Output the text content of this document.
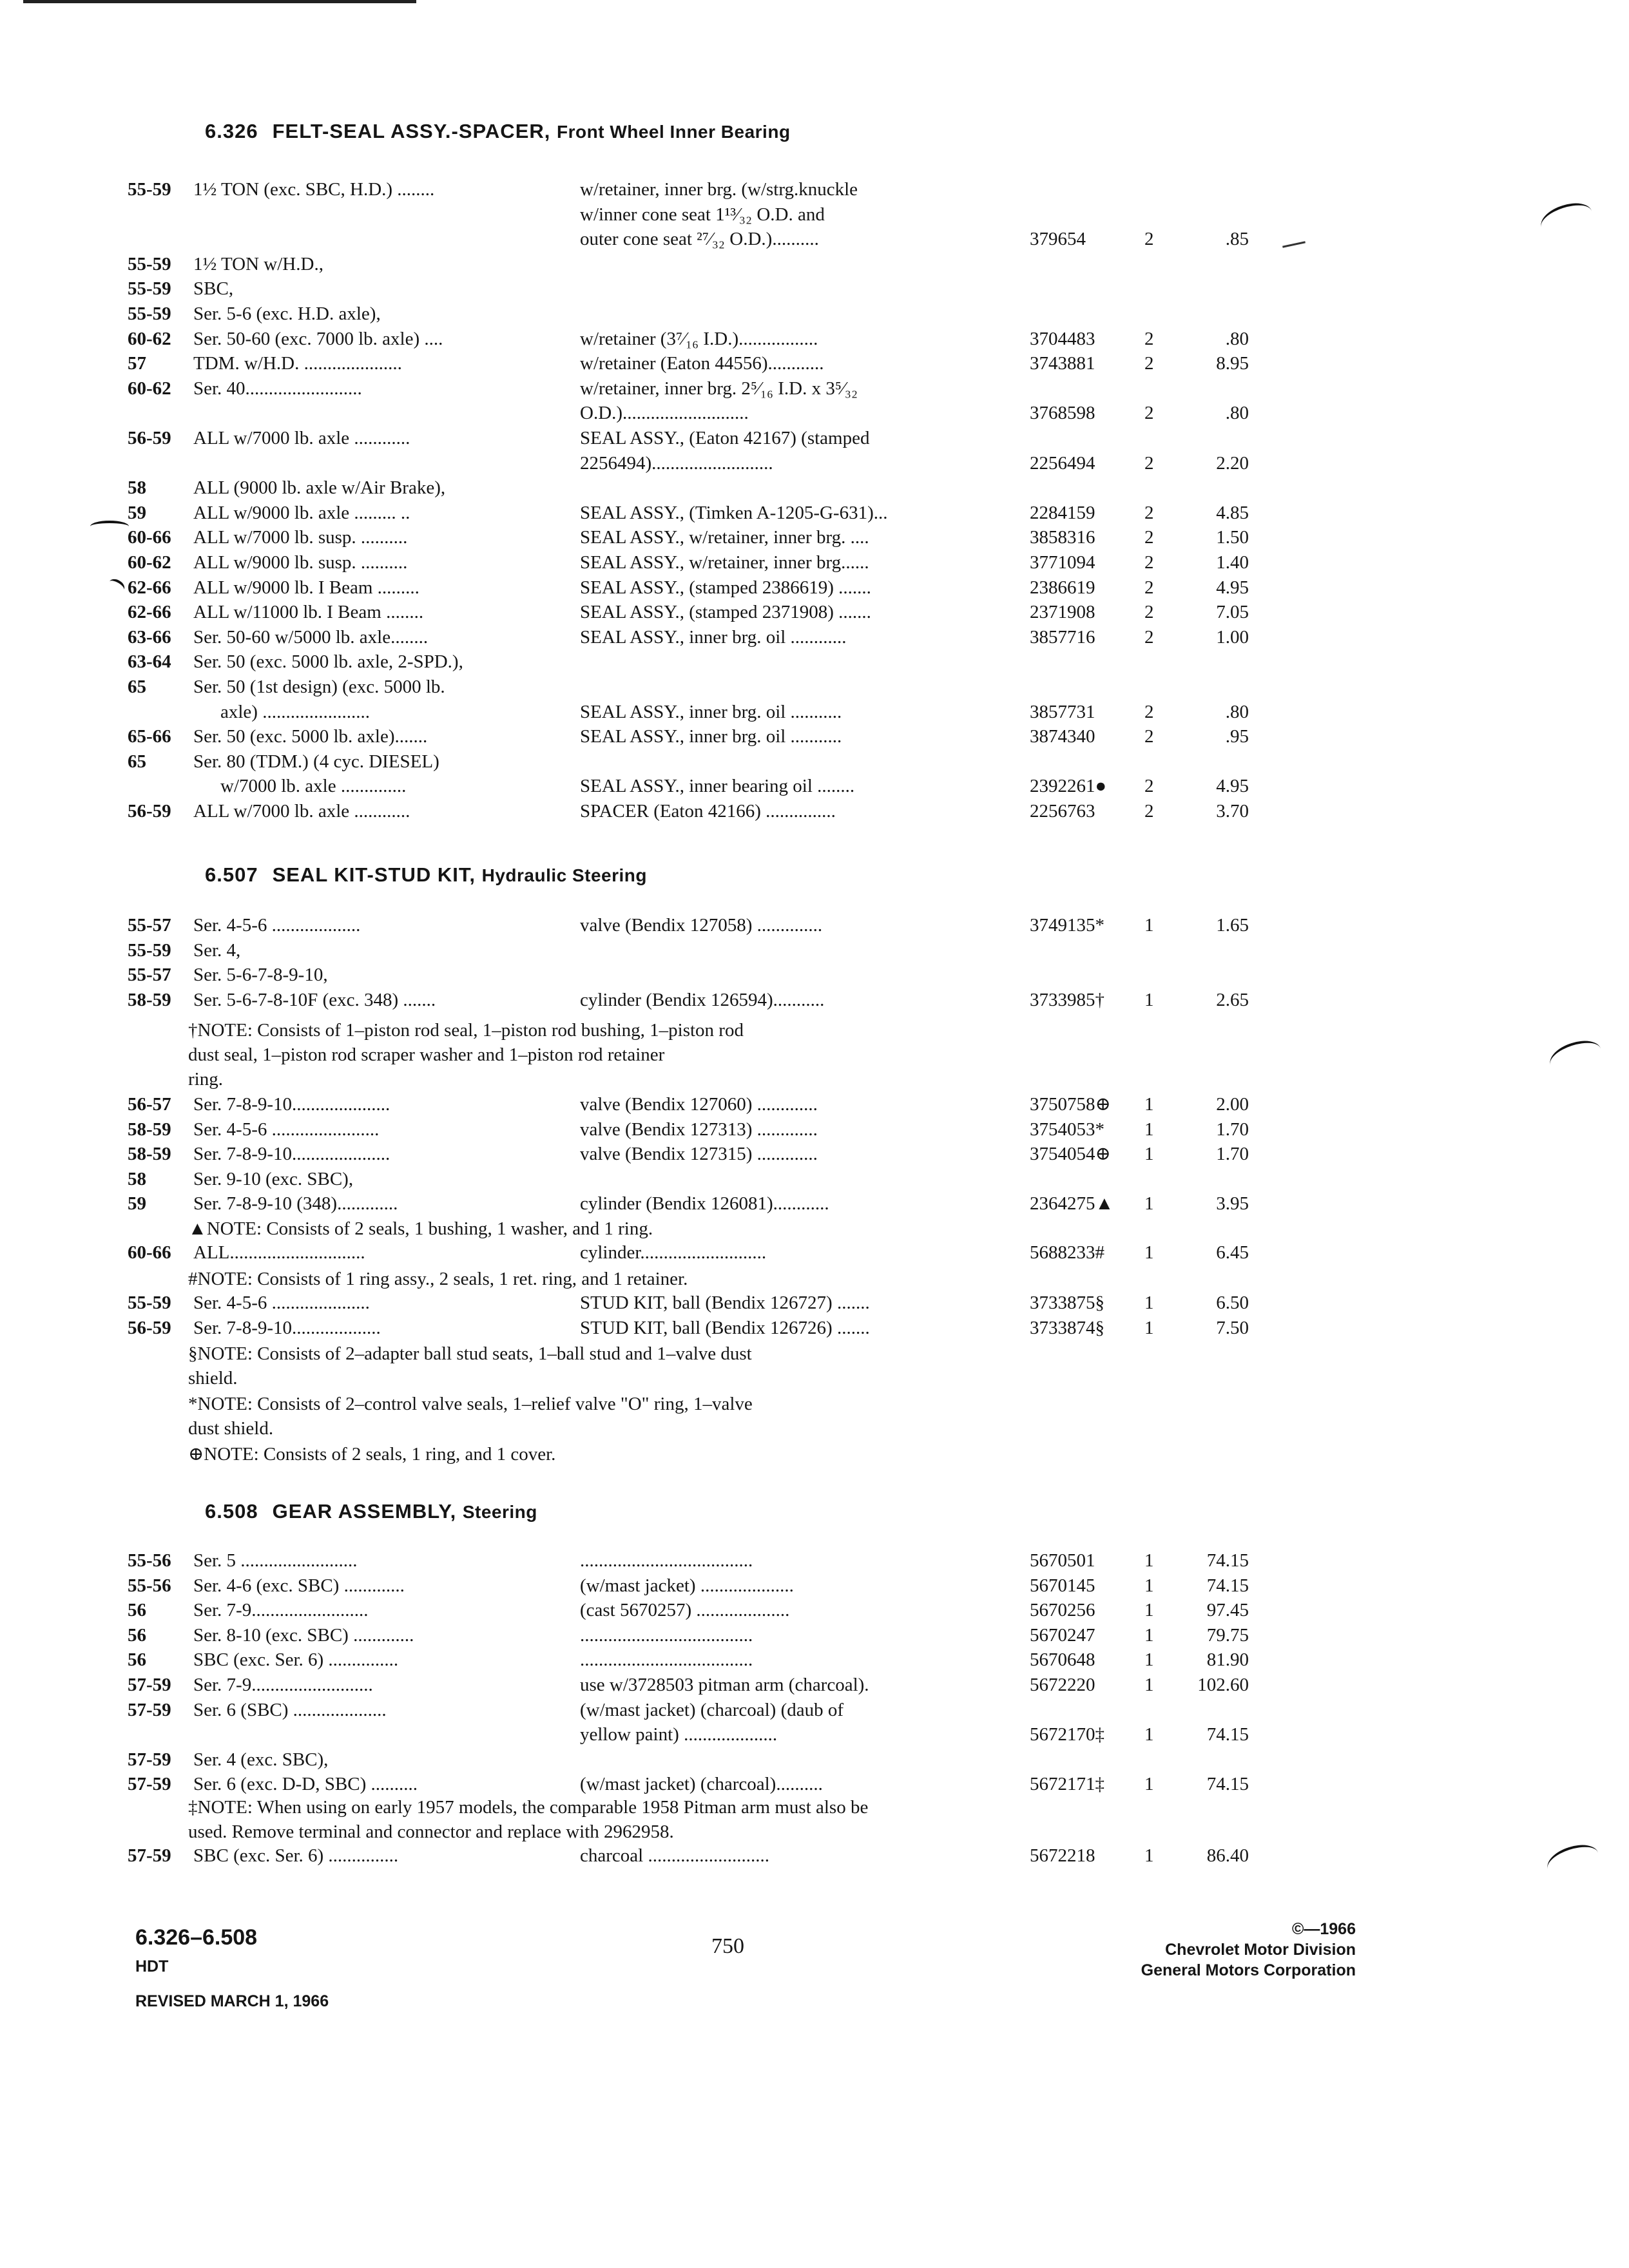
6.326 FELT-SEAL ASSY.-SPACER, Front Wheel Inner Bearing
6.507 SEAL KIT-STUD KIT, Hydraulic Steering
6.508 GEAR ASSEMBLY, Steering
55-59 1½ TON (exc. SBC, H.D.) ........	w/retainer, inner brg. (w/strg.knuckle
w/inner cone seat 1¹³⁄₃₂ O.D. and
outer cone seat ²⁷⁄₃₂ O.D.)..........	379654	2	.85
55-59 1½ TON w/H.D.,
55-59 SBC,
55-59 Ser. 5-6 (exc. H.D. axle),
60-62 Ser. 50-60 (exc. 7000 lb. axle) ....	w/retainer (3⁷⁄₁₆ I.D.).................	3704483	2	.80
57	TDM. w/H.D. .....................	w/retainer (Eaton 44556)............	3743881	2	8.95
60-62 Ser. 40.........................	w/retainer, inner brg. 2⁵⁄₁₆ I.D. x 3⁵⁄₃₂
O.D.)...........................	3768598	2	.80
56-59 ALL w/7000 lb. axle ............	SEAL ASSY., (Eaton 42167) (stamped
2256494)..........................	2256494	2	2.20
58	ALL (9000 lb. axle w/Air Brake),
59	ALL w/9000 lb. axle ......... ..	SEAL ASSY., (Timken A-1205-G-631)...	2284159	2	4.85
60-66 ALL w/7000 lb. susp. ..........	SEAL ASSY., w/retainer, inner brg. ....	3858316	2	1.50
60-62 ALL w/9000 lb. susp. ..........	SEAL ASSY., w/retainer, inner brg......	3771094	2	1.40
62-66 ALL w/9000 lb. I Beam .........	SEAL ASSY., (stamped 2386619) .......	2386619	2	4.95
62-66 ALL w/11000 lb. I Beam ........	SEAL ASSY., (stamped 2371908) .......	2371908	2	7.05
63-66 Ser. 50-60 w/5000 lb. axle........	SEAL ASSY., inner brg. oil ............	3857716	2	1.00
63-64 Ser. 50 (exc. 5000 lb. axle, 2-SPD.),
65	Ser. 50 (1st design) (exc. 5000 lb.
axle) .......................	SEAL ASSY., inner brg. oil ...........	3857731	2	.80
65-66 Ser. 50 (exc. 5000 lb. axle).......	SEAL ASSY., inner brg. oil ...........	3874340	2	.95
65	Ser. 80 (TDM.) (4 cyc. DIESEL)
w/7000 lb. axle ..............	SEAL ASSY., inner bearing oil ........	2392261● 2	4.95
56-59 ALL w/7000 lb. axle ............	SPACER (Eaton 42166) ...............	2256763	2	3.70
55-57 Ser. 4-5-6 ...................	valve (Bendix 127058) ..............	3749135* 1	1.65
55-59 Ser. 4,
55-57 Ser. 5-6-7-8-9-10,
58-59 Ser. 5-6-7-8-10F (exc. 348) .......	cylinder (Bendix 126594)...........	3733985† 1	2.65
56-57 Ser. 7-8-9-10.....................	valve (Bendix 127060) .............	3750758⊕ 1	2.00
58-59 Ser. 4-5-6 .......................	valve (Bendix 127313) .............	3754053* 1	1.70
58-59 Ser. 7-8-9-10.....................	valve (Bendix 127315) .............	3754054⊕ 1	1.70
58	Ser. 9-10 (exc. SBC),
59	Ser. 7-8-9-10 (348).............	cylinder (Bendix 126081)............	2364275▲ 1	3.95
60-66 ALL.............................	cylinder...........................	5688233# 1	6.45
55-59 Ser. 4-5-6 .....................	STUD KIT, ball (Bendix 126727) .......	3733875§ 1	6.50
56-59 Ser. 7-8-9-10...................	STUD KIT, ball (Bendix 126726) .......	3733874§ 1	7.50
55-56 Ser. 5 .........................	.....................................	5670501	1	74.15
55-56 Ser. 4-6 (exc. SBC) .............	(w/mast jacket) ....................	5670145	1	74.15
56	Ser. 7-9.........................	(cast 5670257) ....................	5670256	1	97.45
56	Ser. 8-10 (exc. SBC) .............	.....................................	5670247	1	79.75
56	SBC (exc. Ser. 6) ...............	.....................................	5670648	1	81.90
57-59 Ser. 7-9..........................	use w/3728503 pitman arm (charcoal).	5672220	1 102.60
57-59 Ser. 6 (SBC) ....................	(w/mast jacket) (charcoal) (daub of
yellow paint) ....................	5672170‡ 1	74.15
57-59 Ser. 4 (exc. SBC),
57-59 Ser. 6 (exc. D-D, SBC) ..........	(w/mast jacket) (charcoal)..........	5672171‡ 1	74.15
57-59 SBC (exc. Ser. 6) ...............	charcoal ..........................	5672218	1	86.40
†NOTE: Consists of 1–piston rod seal, 1–piston rod bushing, 1–piston rod
dust seal, 1–piston rod scraper washer and 1–piston rod retainer
ring.
▲NOTE: Consists of 2 seals, 1 bushing, 1 washer, and 1 ring.
#NOTE: Consists of 1 ring assy., 2 seals, 1 ret. ring, and 1 retainer.
§NOTE: Consists of 2–adapter ball stud seats, 1–ball stud and 1–valve dust
shield.
*NOTE: Consists of 2–control valve seals, 1–relief valve "O" ring, 1–valve
dust shield.
⊕NOTE: Consists of 2 seals, 1 ring, and 1 cover.
‡NOTE: When using on early 1957 models, the comparable 1958 Pitman arm must also be
used. Remove terminal and connector and replace with 2962958.
6.326–6.508
HDT
REVISED MARCH 1, 1966
750
©—1966
Chevrolet Motor Division
General Motors Corporation
